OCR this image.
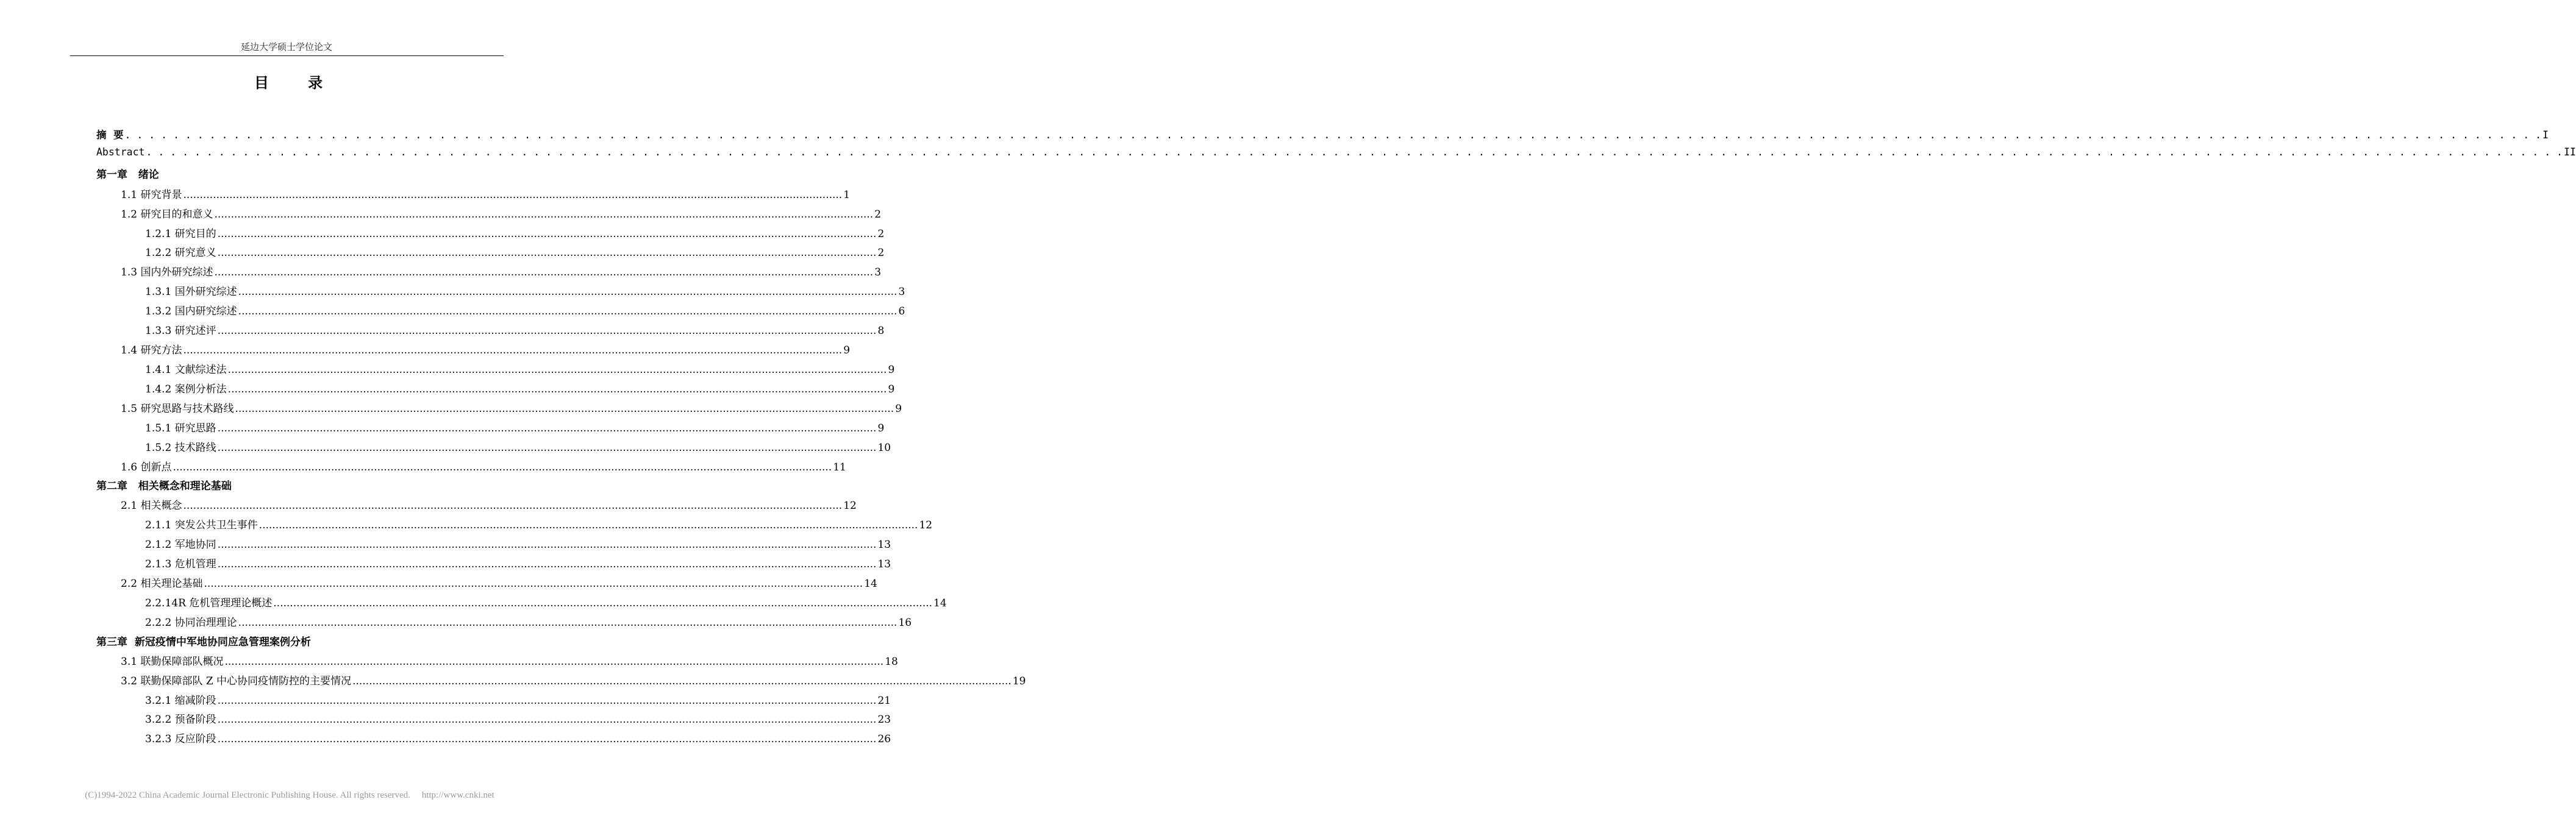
延边大学硕士学位论文
目 录
摘  要 . . . . . . . . . . . . . . . . . . . . . . . . . . . . . . . . . . . . . . . . . . . . . . . . . . . . . . . . . . . . . . . . . . . . . . . . . . . . . . . . . . . . . . . . . . . . . . . . . . . . . . . . . . . . . . . . . . . . . . . . . . . . . . . . . . . . . . . . . . . . . . . . . . . . . . . . . . . . . . . . . . . . . . . . . . . . . . . . . . . . . . . . . . . . . . . . . . . . . . . . I
Abstract . . . . . . . . . . . . . . . . . . . . . . . . . . . . . . . . . . . . . . . . . . . . . . . . . . . . . . . . . . . . . . . . . . . . . . . . . . . . . . . . . . . . . . . . . . . . . . . . . . . . . . . . . . . . . . . . . . . . . . . . . . . . . . . . . . . . . . . . . . . . . . . . . . . . . . . . . . . . . . . . . . . . . . . . . . . . . . . . . . . . . . . . . . . . . . . . . . . . . . . . II
第一章   绪论
1.1 研究背景 ........................................................................................................................................................................................................ 1
1.2 研究目的和意义 ........................................................................................................................................................................................................ 2
1.2.1 研究目的 ........................................................................................................................................................................................................ 2
1.2.2 研究意义 ........................................................................................................................................................................................................ 2
1.3 国内外研究综述 ........................................................................................................................................................................................................ 3
1.3.1 国外研究综述 ........................................................................................................................................................................................................ 3
1.3.2 国内研究综述 ........................................................................................................................................................................................................ 6
1.3.3 研究述评 ........................................................................................................................................................................................................ 8
1.4 研究方法 ........................................................................................................................................................................................................ 9
1.4.1 文献综述法 ........................................................................................................................................................................................................ 9
1.4.2 案例分析法 ........................................................................................................................................................................................................ 9
1.5 研究思路与技术路线 ........................................................................................................................................................................................................ 9
1.5.1 研究思路 ........................................................................................................................................................................................................ 9
1.5.2 技术路线 ........................................................................................................................................................................................................ 10
1.6 创新点 ........................................................................................................................................................................................................ 11
第二章   相关概念和理论基础
2.1 相关概念 ........................................................................................................................................................................................................ 12
2.1.1 突发公共卫生事件 ........................................................................................................................................................................................................ 12
2.1.2 军地协同 ........................................................................................................................................................................................................ 13
2.1.3 危机管理 ........................................................................................................................................................................................................ 13
2.2 相关理论基础 ........................................................................................................................................................................................................ 14
2.2.14R 危机管理理论概述 ........................................................................................................................................................................................................ 14
2.2.2 协同治理理论 ........................................................................................................................................................................................................ 16
第三章  新冠疫情中军地协同应急管理案例分析
3.1 联勤保障部队概况 ........................................................................................................................................................................................................ 18
3.2 联勤保障部队 Z 中心协同疫情防控的主要情况 ........................................................................................................................................................................................................ 19
3.2.1 缩减阶段 ........................................................................................................................................................................................................ 21
3.2.2 预备阶段 ........................................................................................................................................................................................................ 23
3.2.3 反应阶段 ........................................................................................................................................................................................................ 26
(C)1994-2022 China Academic Journal Electronic Publishing House. All rights reserved. http://www.cnki.net
